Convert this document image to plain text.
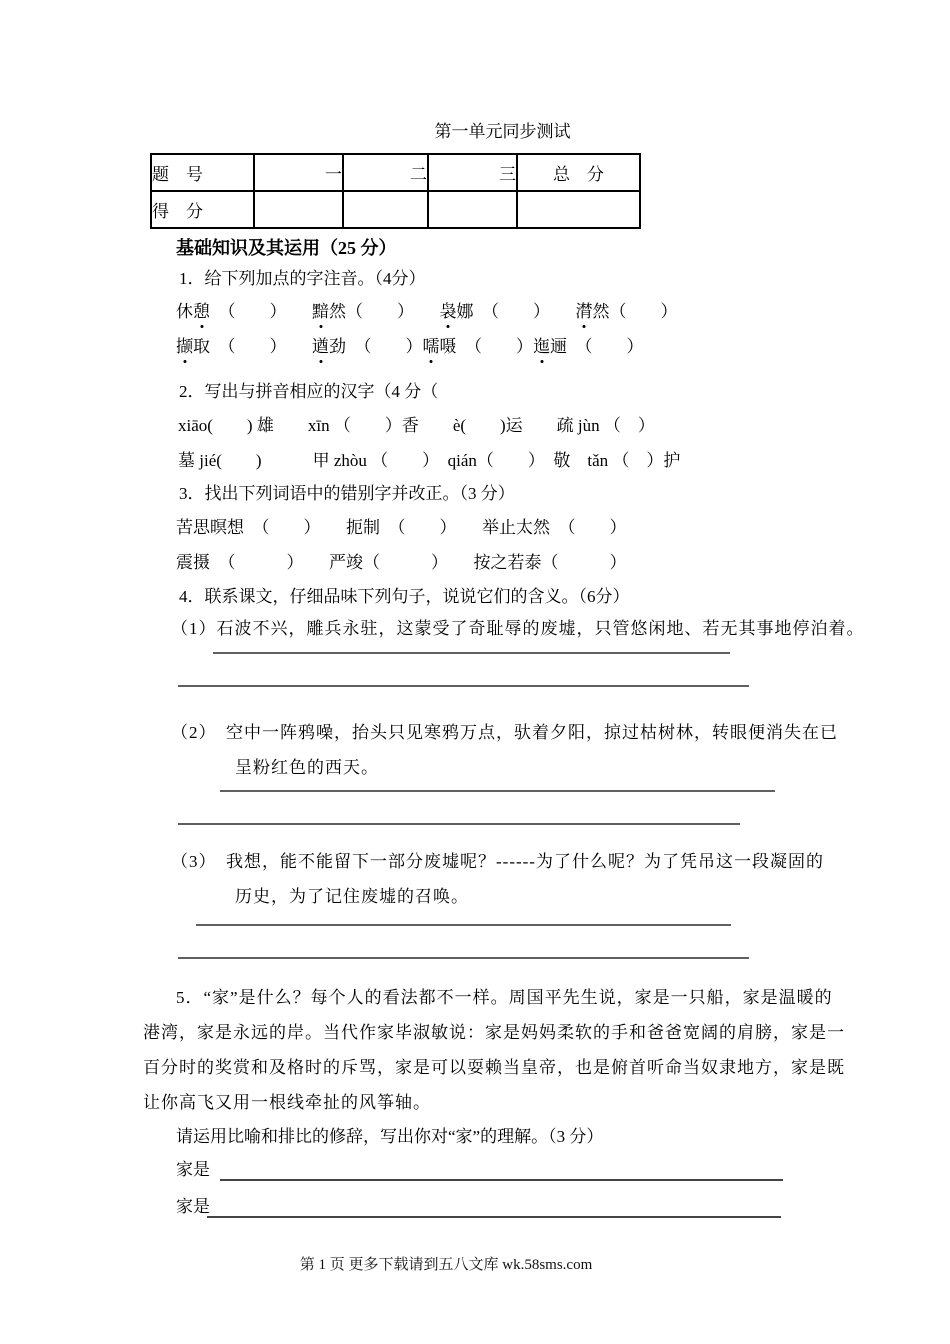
第一单元同步测试
题　号	一	二	三	总　分
得　分				
基础知识及其运用（25 分）
1．给下列加点的字注音。（4分）
休憩　（　　）　　黯然（　　）　　袅娜　（　　）　　潸然（　　）
撷取　（　　）　　遒劲　（　　）嚅嗫　（　　）迤逦　（　　）
2．写出与拼音相应的汉字（4 分（
xiāo(　　) 雄　　xīn （　　）香　　è(　　)运　　疏 jùn （　）
墓 jié(　　)　　　甲 zhòu （　　）　qián（　　）　敬　tǎn （　）护
3．找出下列词语中的错别字并改正。（3 分）
苦思暝想　（　　）　　扼制　（　　）　　举止太然　（　　）
震摄　（　　　）　　严竣（　　　）　　按之若泰（　　　）
4．联系课文，仔细品味下列句子，说说它们的含义。（6分）
（1）石波不兴，雕兵永驻，这蒙受了奇耻辱的废墟，只管悠闲地、若无其事地停泊着。
（2）　空中一阵鸦噪，抬头只见寒鸦万点，驮着夕阳，掠过枯树林，转眼便消失在已
呈粉红色的西天。
（3）　我想，能不能留下一部分废墟呢？------为了什么呢？为了凭吊这一段凝固的
历史，为了记住废墟的召唤。
5．“家”是什么？每个人的看法都不一样。周国平先生说，家是一只船，家是温暖的
港湾，家是永远的岸。当代作家毕淑敏说：家是妈妈柔软的手和爸爸宽阔的肩膀，家是一
百分时的奖赏和及格时的斥骂，家是可以耍赖当皇帝，也是俯首听命当奴隶地方，家是既
让你高飞又用一根线牵扯的风筝轴。
请运用比喻和排比的修辞，写出你对“家”的理解。（3 分）
家是
家是
第 1 页 更多下载请到五八文库 wk.58sms.com
